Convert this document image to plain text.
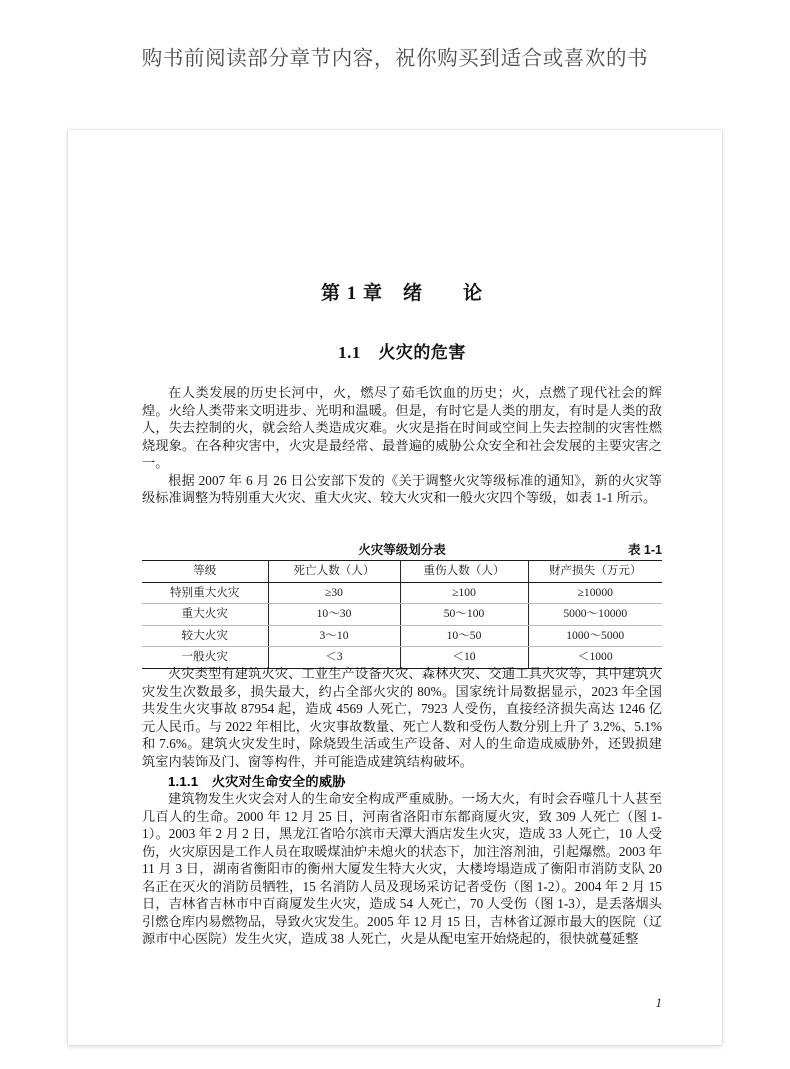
购书前阅读部分章节内容，祝你购买到适合或喜欢的书
第 1 章　绪　　论
1.1　火灾的危害

在人类发展的历史长河中，火，燃尽了茹毛饮血的历史；火，点燃了现代社会的辉煌。火给人类带来文明进步、光明和温暖。但是，有时它是人类的朋友，有时是人类的敌人，失去控制的火，就会给人类造成灾难。火灾是指在时间或空间上失去控制的灾害性燃烧现象。在各种灾害中，火灾是最经常、最普遍的威胁公众安全和社会发展的主要灾害之一。

根据 2007 年 6 月 26 日公安部下发的《关于调整火灾等级标准的通知》，新的火灾等级标准调整为特别重大火灾、重大火灾、较大火灾和一般火灾四个等级，如表 1-1 所示。

火灾等级划分表	表 1-1
等级	死亡人数（人）	重伤人数（人）	财产损失（万元）
特别重大火灾	≥30	≥100	≥10000
重大火灾	10～30	50～100	5000～10000
较大火灾	3～10	10～50	1000～5000
一般火灾	＜3	＜10	＜1000

火灾类型有建筑火灾、工业生产设备火灾、森林火灾、交通工具火灾等，其中建筑火灾发生次数最多，损失最大，约占全部火灾的 80%。国家统计局数据显示，2023 年全国共发生火灾事故 87954 起，造成 4569 人死亡，7923 人受伤，直接经济损失高达 1246 亿元人民币。与 2022 年相比，火灾事故数量、死亡人数和受伤人数分别上升了 3.2%、5.1%和 7.6%。建筑火灾发生时，除烧毁生活或生产设备、对人的生命造成威胁外，还毁损建筑室内装饰及门、窗等构件，并可能造成建筑结构破坏。

1.1.1　火灾对生命安全的威胁

建筑物发生火灾会对人的生命安全构成严重威胁。一场大火，有时会吞噬几十人甚至几百人的生命。2000 年 12 月 25 日，河南省洛阳市东都商厦火灾，致 309 人死亡（图 1-1）。2003 年 2 月 2 日，黑龙江省哈尔滨市天潭大酒店发生火灾，造成 33 人死亡，10 人受伤，火灾原因是工作人员在取暖煤油炉未熄火的状态下，加注溶剂油，引起爆燃。2003 年 11 月 3 日，湖南省衡阳市的衡州大厦发生特大火灾，大楼垮塌造成了衡阳市消防支队 20 名正在灭火的消防员牺牲，15 名消防人员及现场采访记者受伤（图 1-2）。2004 年 2 月 15 日，吉林省吉林市中百商厦发生火灾，造成 54 人死亡，70 人受伤（图 1-3），是丢落烟头引燃仓库内易燃物品，导致火灾发生。2005 年 12 月 15 日，吉林省辽源市最大的医院（辽源市中心医院）发生火灾，造成 38 人死亡，火是从配电室开始烧起的，很快就蔓延整

1
